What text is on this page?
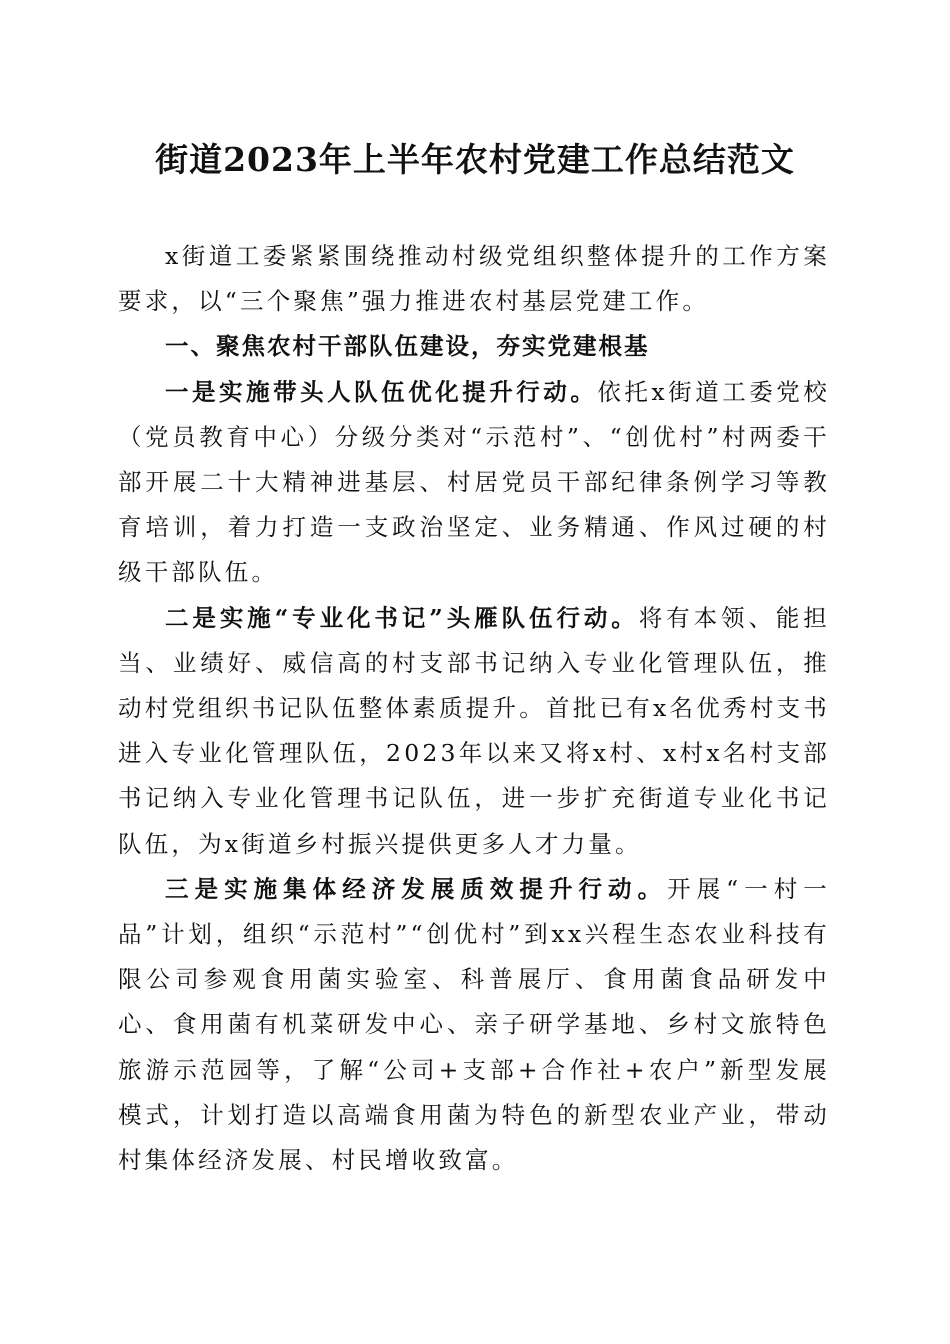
街道2023年上半年农村党建工作总结范文

x街道工委紧紧围绕推动村级党组织整体提升的工作方案要求，以“三个聚焦”强力推进农村基层党建工作。

一、聚焦农村干部队伍建设，夯实党建根基

一是实施带头人队伍优化提升行动。依托x街道工委党校（党员教育中心）分级分类对“示范村”、“创优村”村两委干部开展二十大精神进基层、村居党员干部纪律条例学习等教育培训，着力打造一支政治坚定、业务精通、作风过硬的村级干部队伍。

二是实施“专业化书记”头雁队伍行动。将有本领、能担当、业绩好、威信高的村支部书记纳入专业化管理队伍，推动村党组织书记队伍整体素质提升。首批已有x名优秀村支书进入专业化管理队伍，2023年以来又将x村、x村x名村支部书记纳入专业化管理书记队伍，进一步扩充街道专业化书记队伍，为x街道乡村振兴提供更多人才力量。

三是实施集体经济发展质效提升行动。开展“一村一品”计划，组织“示范村”“创优村”到xx兴程生态农业科技有限公司参观食用菌实验室、科普展厅、食用菌食品研发中心、食用菌有机菜研发中心、亲子研学基地、乡村文旅特色旅游示范园等，了解“公司+支部+合作社+农户”新型发展模式，计划打造以高端食用菌为特色的新型农业产业，带动村集体经济发展、村民增收致富。
